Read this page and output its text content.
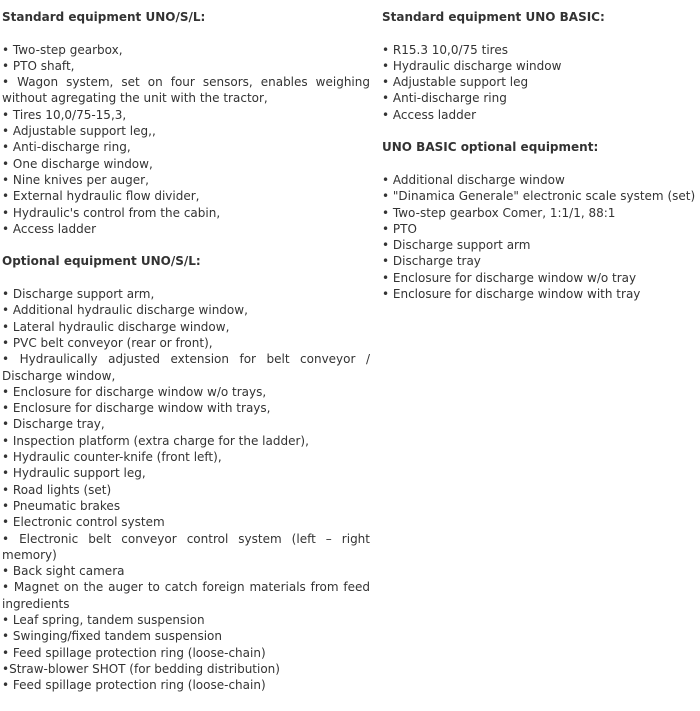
Standard equipment UNO/S/L:
• Two-step gearbox,
• PTO shaft,
• Wagon system, set on four sensors, enables weighing without agregating the unit with the tractor,
• Tires 10,0/75-15,3,
• Adjustable support leg,,
• Anti-discharge ring,
• One discharge window,
• Nine knives per auger,
• External hydraulic flow divider,
• Hydraulic's control from the cabin,
• Access ladder
Optional equipment UNO/S/L:
• Discharge support arm,
• Additional hydraulic discharge window,
• Lateral hydraulic discharge window,
• PVC belt conveyor (rear or front),
• Hydraulically adjusted extension for belt conveyor / Discharge window,
• Enclosure for discharge window w/o trays,
• Enclosure for discharge window with trays,
• Discharge tray,
• Inspection platform (extra charge for the ladder),
• Hydraulic counter-knife (front left),
• Hydraulic support leg,
• Road lights (set)
• Pneumatic brakes
• Electronic control system
• Electronic belt conveyor control system (left – right memory)
• Back sight camera
• Magnet on the auger to catch foreign materials from feed ingredients
• Leaf spring, tandem suspension
• Swinging/fixed tandem suspension
• Feed spillage protection ring (loose-chain)
•Straw-blower SHOT (for bedding distribution)
• Feed spillage protection ring (loose-chain)
Standard equipment UNO BASIC:
• R15.3 10,0/75 tires
• Hydraulic discharge window
• Adjustable support leg
• Anti-discharge ring
• Access ladder
UNO BASIC optional equipment:
• Additional discharge window
• "Dinamica Generale" electronic scale system (set)
• Two-step gearbox Comer, 1:1/1, 88:1
• PTO
• Discharge support arm
• Discharge tray
• Enclosure for discharge window w/o tray
• Enclosure for discharge window with tray
